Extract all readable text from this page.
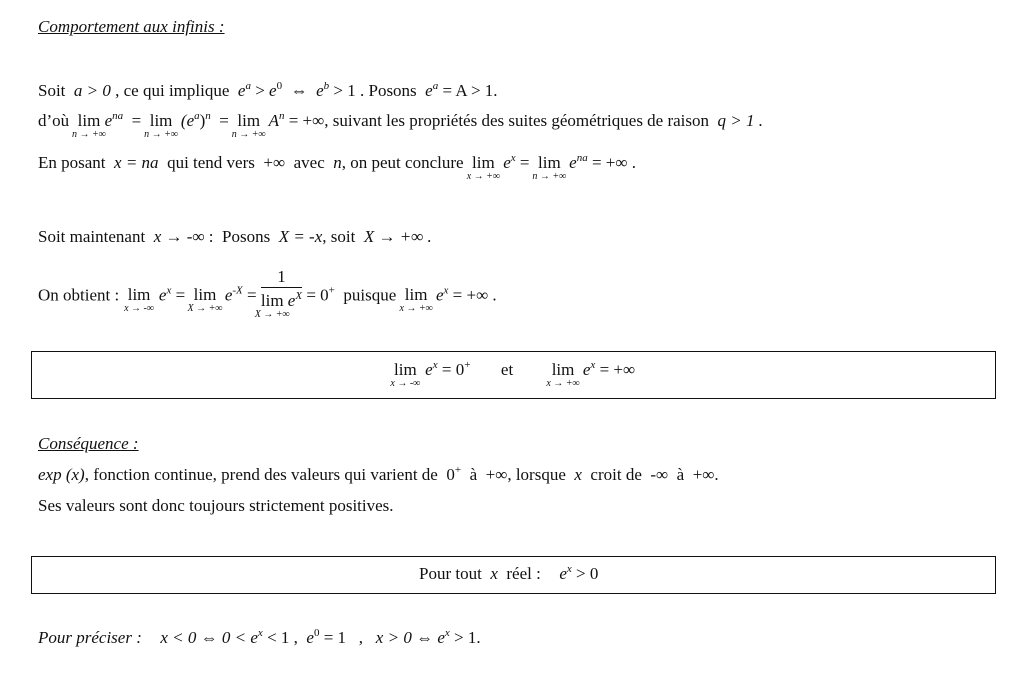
Comportement aux infinis :
Soit a > 0 , ce qui implique $e^a > e^0$ ⇔ $e^b > 1$ . Posons $e^a = A > 1$.
d’où lim
n → +∞
$e^{na} = \lim$
n → +∞
$(e^a)^n = \lim$
n → +∞
$A^n$ = +∞, suivant les propriétés des suites géométriques de raison q > 1 .
En posant x = na qui tend vers +∞ avec n, on peut conclure lim
x → +∞
$e^x = \lim$
n → +∞
$e^{na}$ = +∞ .
Soit maintenant x → -∞ : Posons X = -x, soit X → +∞ .
On obtient : lim
x → -∞
$e^x = \lim$
X → +∞
$e^{-X} = 1$
lim
X → +∞
$e^X = 0^+$ puisque lim
x → +∞
$e^x$ = +∞ .
lim
x → -∞
$e^x = 0^+$ et lim
x → +∞
$e^x$ = +∞
Conséquence :
exp (x), fonction continue, prend des valeurs qui varient de 0+ à +∞, lorsque x croit de -∞ à +∞.
Ses valeurs sont donc toujours strictement positives.
Pour tout x réel : $e^x > 0$
Pour préciser : x < 0 ⇔ $0 < e^x < 1$ , $e^0 = 1$ , x > 0 ⇔ $e^x > 1$.
